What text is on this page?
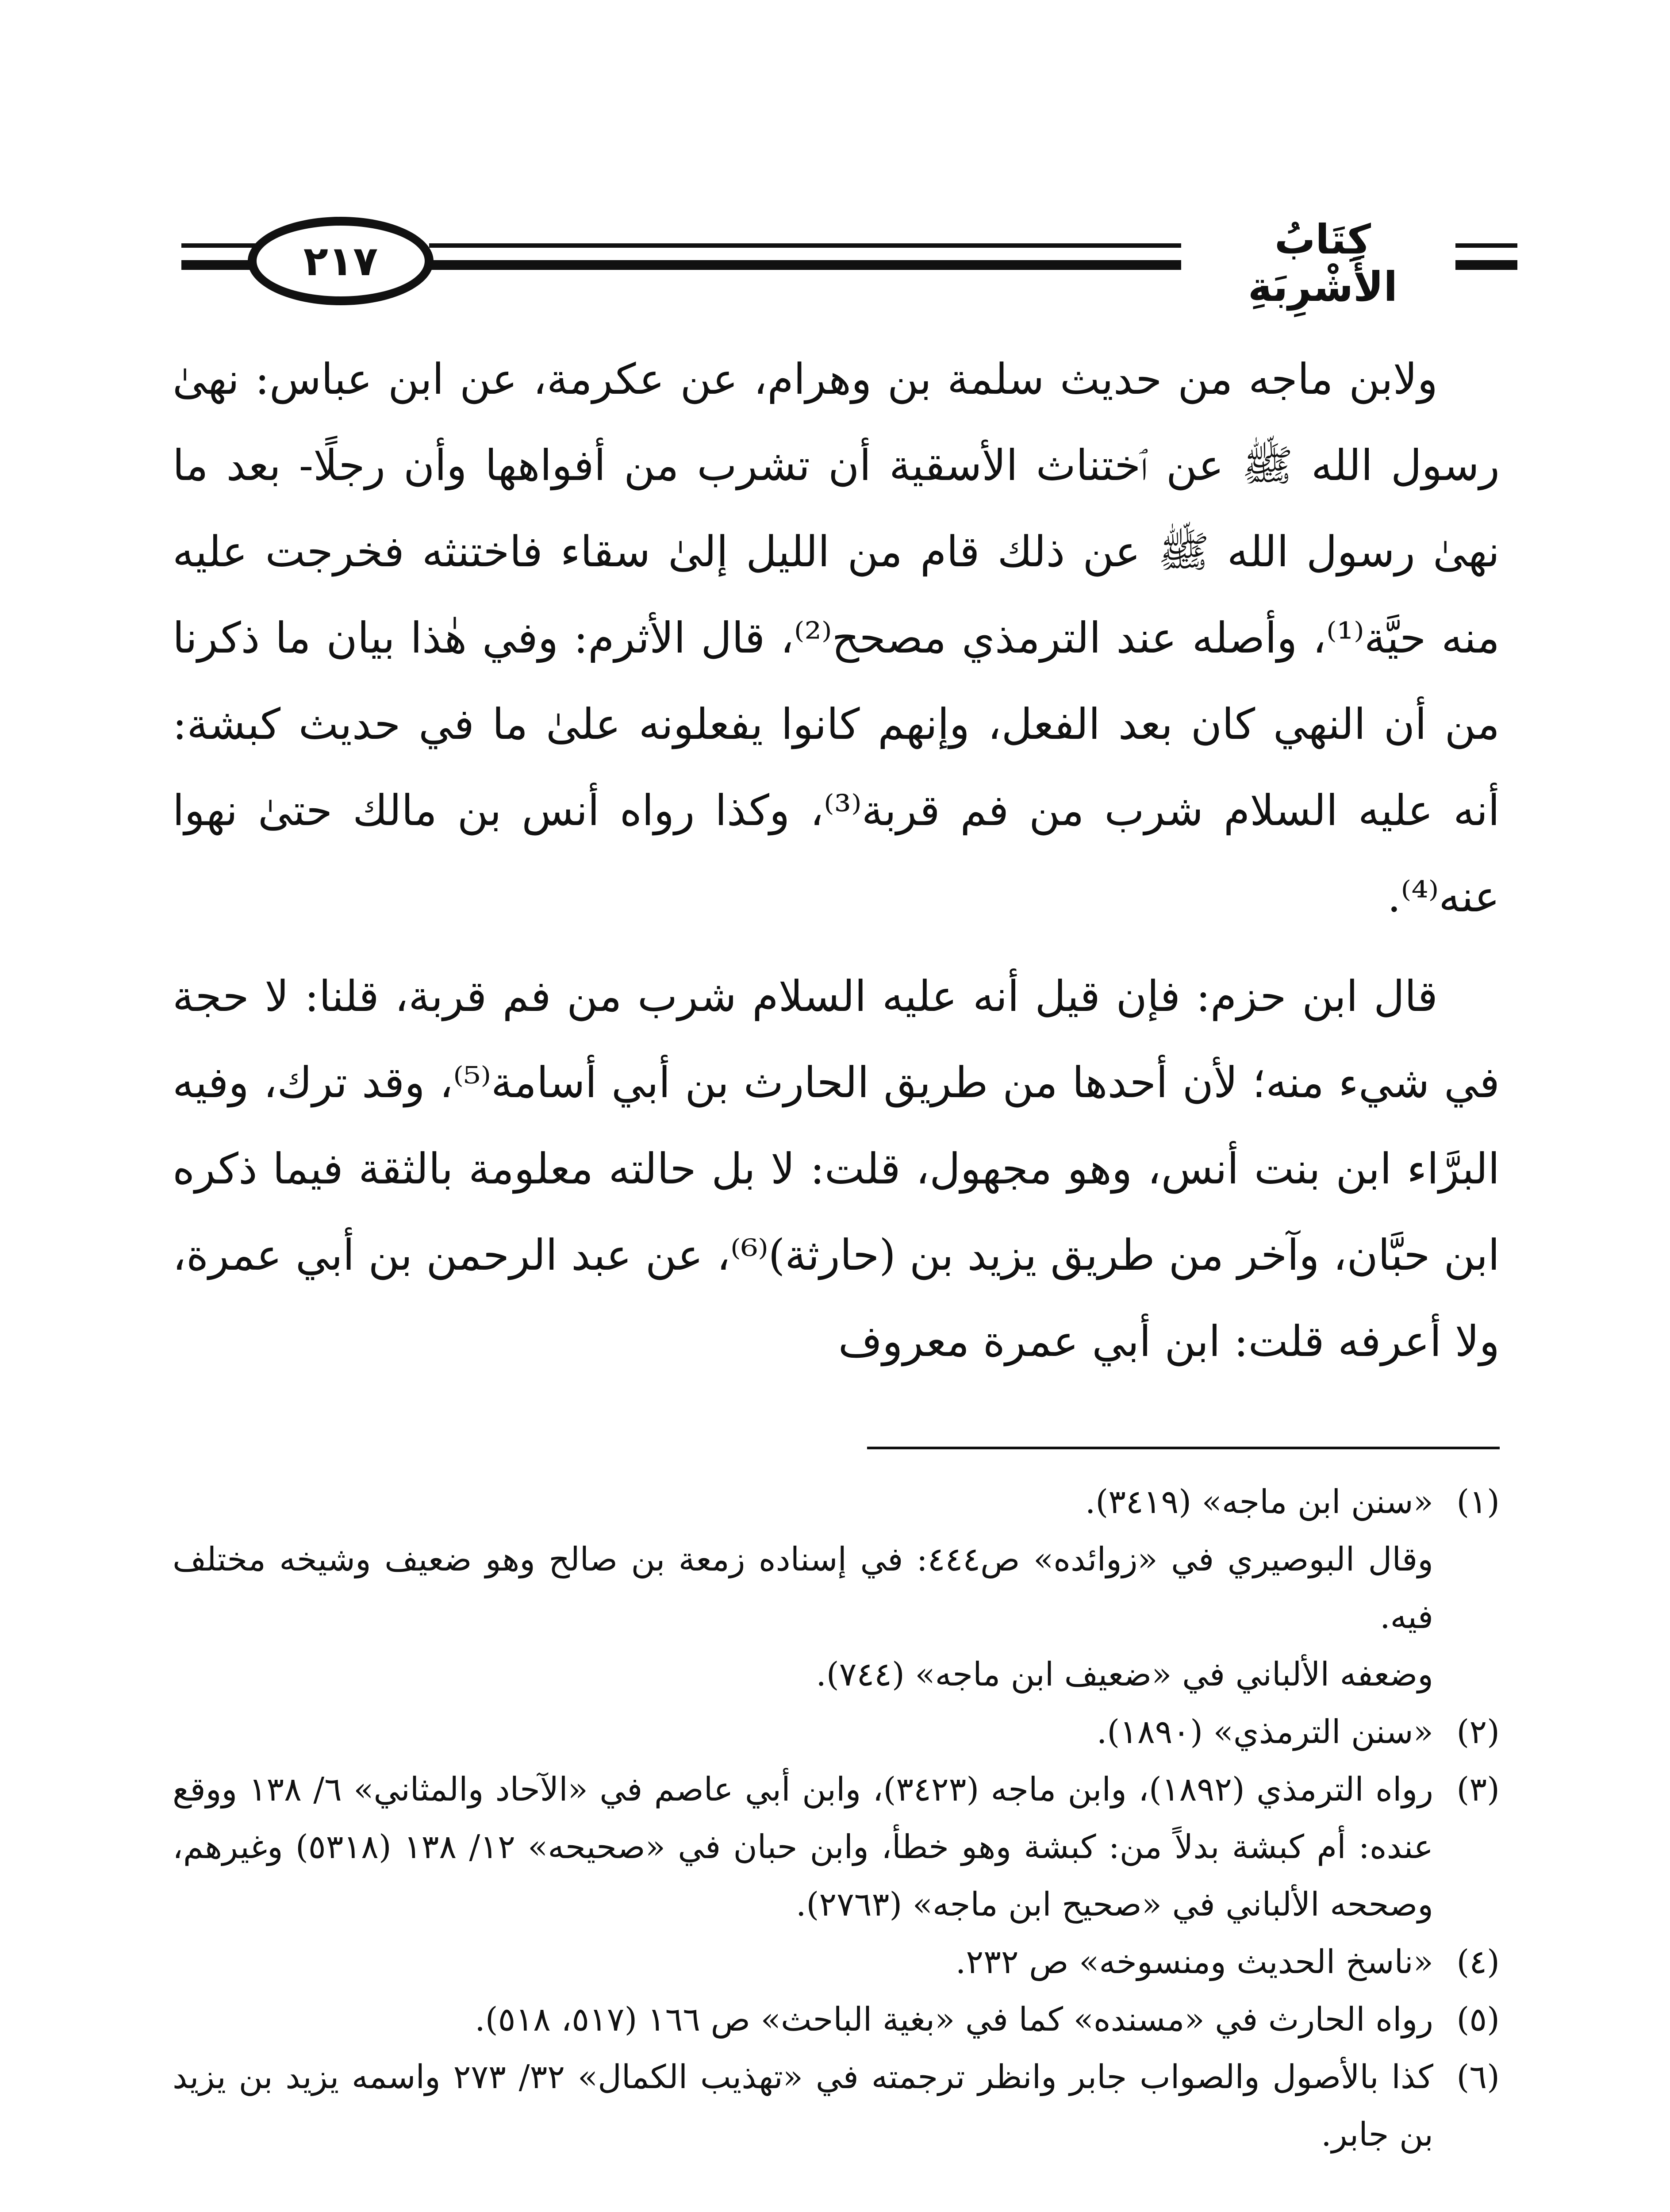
٢١٧	كِتَابُ الأَشْرِبَةِ

ولابن ماجه من حديث سلمة بن وهرام، عن عكرمة، عن ابن عباس: نهىٰ رسول الله ﷺ عن ٱختناث الأسقية أن تشرب من أفواهها وأن رجلًا- بعد ما نهىٰ رسول الله ﷺ عن ذلك قام من الليل إلىٰ سقاء فاختنثه فخرجت عليه منه حيَّة⁽¹⁾، وأصله عند الترمذي مصحح⁽²⁾، قال الأثرم: وفي هٰذا بيان ما ذكرنا من أن النهي كان بعد الفعل، وإنهم كانوا يفعلونه علىٰ ما في حديث كبشة: أنه عليه السلام شرب من فم قربة⁽³⁾، وكذا رواه أنس بن مالك حتىٰ نهوا عنه⁽⁴⁾.

قال ابن حزم: فإن قيل أنه عليه السلام شرب من فم قربة، قلنا: لا حجة في شيء منه؛ لأن أحدها من طريق الحارث بن أبي أسامة⁽⁵⁾، وقد ترك، وفيه البرَّاء ابن بنت أنس، وهو مجهول، قلت: لا بل حالته معلومة بالثقة فيما ذكره ابن حبَّان، وآخر من طريق يزيد بن (حارثة)⁽⁶⁾، عن عبد الرحمن بن أبي عمرة، ولا أعرفه قلت: ابن أبي عمرة معروف

(١)
«سنن ابن ماجه» (٣٤١٩).
وقال البوصيري في «زوائده» ص٤٤٤: في إسناده زمعة بن صالح وهو ضعيف وشيخه مختلف فيه.
وضعفه الألباني في «ضعيف ابن ماجه» (٧٤٤).
(٢)
«سنن الترمذي» (١٨٩٠).
(٣)
رواه الترمذي (١٨٩٢)، وابن ماجه (٣٤٢٣)، وابن أبي عاصم في «الآحاد والمثاني» ٦/ ١٣٨ ووقع عنده: أم كبشة بدلاً من: كبشة وهو خطأ، وابن حبان في «صحيحه» ١٢/ ١٣٨ (٥٣١٨) وغيرهم، وصححه الألباني في «صحيح ابن ماجه» (٢٧٦٣).
(٤)
«ناسخ الحديث ومنسوخه» ص ٢٣٢.
(٥)
رواه الحارث في «مسنده» كما في «بغية الباحث» ص ١٦٦ (٥١٧، ٥١٨).
(٦)
كذا بالأصول والصواب جابر وانظر ترجمته في «تهذيب الكمال» ٣٢/ ٢٧٣ واسمه يزيد بن يزيد بن جابر.
